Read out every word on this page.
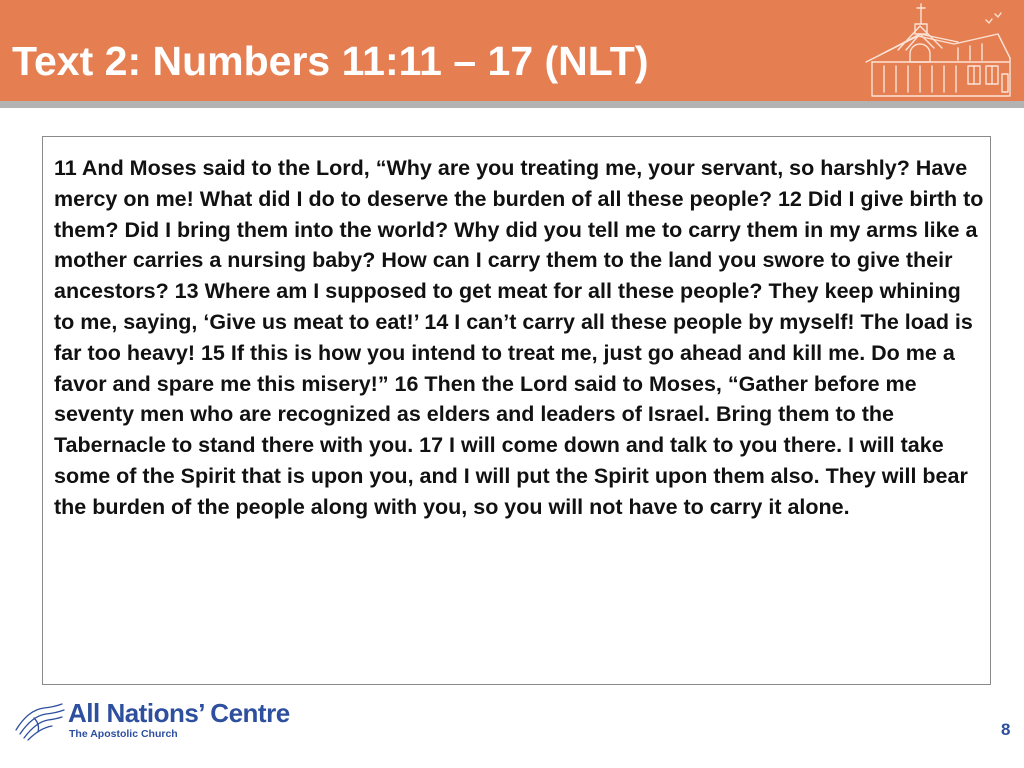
Text 2: Numbers 11:11 – 17 (NLT)
11 And Moses said to the Lord, “Why are you treating me, your servant, so harshly? Have mercy on me! What did I do to deserve the burden of all these people? 12 Did I give birth to them? Did I bring them into the world? Why did you tell me to carry them in my arms like a mother carries a nursing baby? How can I carry them to the land you swore to give their ancestors? 13 Where am I supposed to get meat for all these people? They keep whining to me, saying, ‘Give us meat to eat!’ 14 I can’t carry all these people by myself! The load is far too heavy! 15 If this is how you intend to treat me, just go ahead and kill me. Do me a favor and spare me this misery!” 16 Then the Lord said to Moses, “Gather before me seventy men who are recognized as elders and leaders of Israel. Bring them to the Tabernacle to stand there with you. 17 I will come down and talk to you there. I will take some of the Spirit that is upon you, and I will put the Spirit upon them also. They will bear the burden of the people along with you, so you will not have to carry it alone.
All Nations’ Centre
The Apostolic Church	8
